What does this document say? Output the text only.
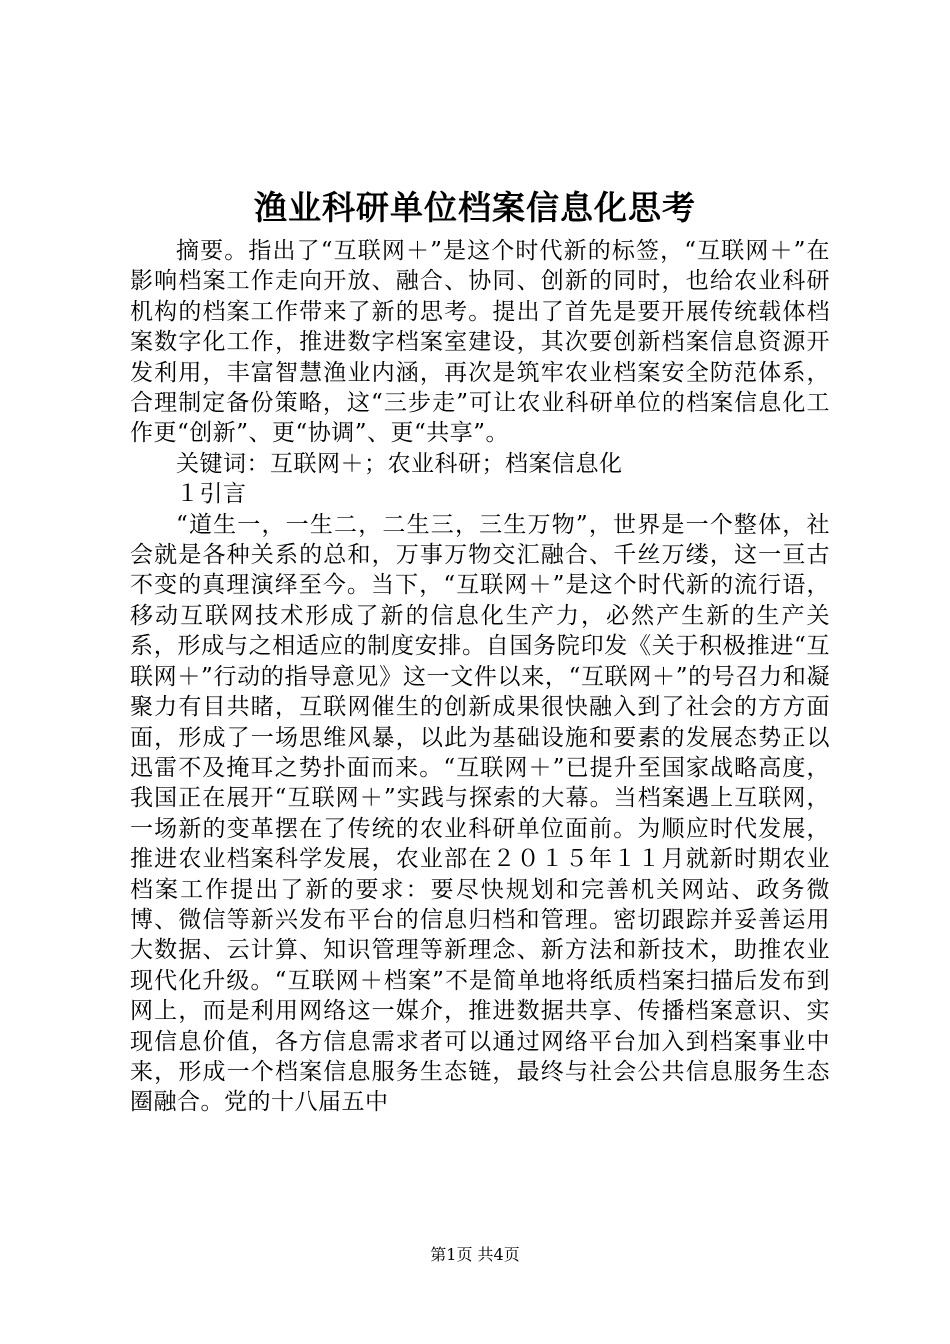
渔业科研单位档案信息化思考

摘要。指出了“互联网＋”是这个时代新的标签，“互联网＋”在影响档案工作走向开放、融合、协同、创新的同时，也给农业科研机构的档案工作带来了新的思考。提出了首先是要开展传统载体档案数字化工作，推进数字档案室建设，其次要创新档案信息资源开发利用，丰富智慧渔业内涵，再次是筑牢农业档案安全防范体系，合理制定备份策略，这“三步走”可让农业科研单位的档案信息化工作更“创新”、更“协调”、更“共享”。

关键词：互联网＋；农业科研；档案信息化

１引言

“道生一，一生二，二生三，三生万物”，世界是一个整体，社会就是各种关系的总和，万事万物交汇融合、千丝万缕，这一亘古不变的真理演绎至今。当下，“互联网＋”是这个时代新的流行语，移动互联网技术形成了新的信息化生产力，必然产生新的生产关系，形成与之相适应的制度安排。自国务院印发《关于积极推进“互联网＋”行动的指导意见》这一文件以来，“互联网＋”的号召力和凝聚力有目共睹，互联网催生的创新成果很快融入到了社会的方方面面，形成了一场思维风暴，以此为基础设施和要素的发展态势正以迅雷不及掩耳之势扑面而来。“互联网＋”已提升至国家战略高度，我国正在展开“互联网＋”实践与探索的大幕。当档案遇上互联网，一场新的变革摆在了传统的农业科研单位面前。为顺应时代发展，推进农业档案科学发展，农业部在２０１５年１１月就新时期农业档案工作提出了新的要求：要尽快规划和完善机关网站、政务微博、微信等新兴发布平台的信息归档和管理。密切跟踪并妥善运用大数据、云计算、知识管理等新理念、新方法和新技术，助推农业现代化升级。“互联网＋档案”不是简单地将纸质档案扫描后发布到网上，而是利用网络这一媒介，推进数据共享、传播档案意识、实现信息价值，各方信息需求者可以通过网络平台加入到档案事业中来，形成一个档案信息服务生态链，最终与社会公共信息服务生态圈融合。党的十八届五中

第1页 共4页
